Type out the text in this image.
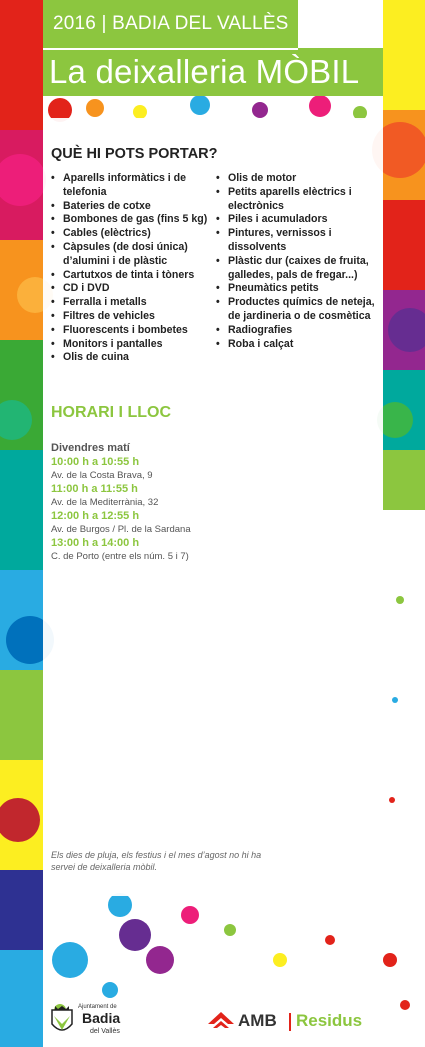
2016 | BADIA DEL VALLÈS
La deixalleria MÒBIL
QUÈ HI POTS PORTAR?
• Aparells informàtics i de telefonia
• Bateries de cotxe
• Bombones de gas (fins 5 kg)
• Cables (elèctrics)
• Càpsules (de dosi única) d’alumini i de plàstic
• Cartutxos de tinta i tòners
• CD i DVD
• Ferralla i metalls
• Filtres de vehicles
• Fluorescents i bombetes
• Monitors i pantalles
• Olis de cuina
• Olis de motor
• Petits aparells elèctrics i electrònics
• Piles i acumuladors
• Pintures, vernissos i dissolvents
• Plàstic dur (caixes de fruita, galledes, pals de fregar...)
• Pneumàtics petits
• Productes químics de neteja, de jardineria o de cosmètica
• Radiografies
• Roba i calçat
HORARI I LLOC
Divendres matí
10:00 h a 10:55 h
Av. de la Costa Brava, 9
11:00 h a 11:55 h
Av. de la Mediterrània, 32
12:00 h a 12:55 h
Av. de Burgos / Pl. de la Sardana
13:00 h a 14:00 h
C. de Porto (entre els núm. 5 i 7)
Els dies de pluja, els festius i el mes d’agost no hi ha servei de deixalleria mòbil.
Ajuntament de
Badia
del Vallès
AMB Residus
